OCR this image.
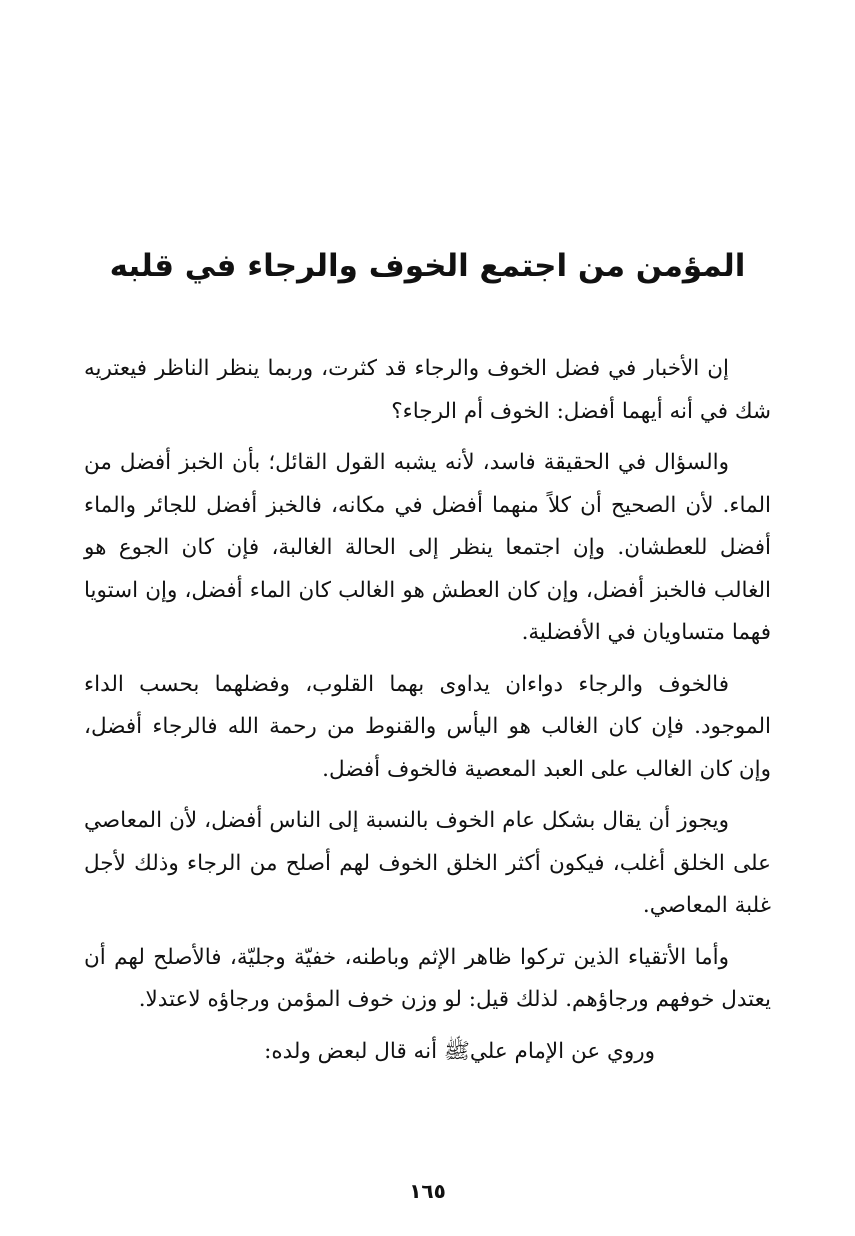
المؤمن من اجتمع الخوف والرجاء في قلبه

إن الأخبار في فضل الخوف والرجاء قد كثرت، وربما ينظر الناظر فيعتريه شك في أنه أيهما أفضل: الخوف أم الرجاء؟

والسؤال في الحقيقة فاسد، لأنه يشبه القول القائل؛ بأن الخبز أفضل من الماء. لأن الصحيح أن كلاً منهما أفضل في مكانه، فالخبز أفضل للجائر والماء أفضل للعطشان. وإن اجتمعا ينظر إلى الحالة الغالبة، فإن كان الجوع هو الغالب فالخبز أفضل، وإن كان العطش هو الغالب كان الماء أفضل، وإن استويا فهما متساويان في الأفضلية.

فالخوف والرجاء دواءان يداوى بهما القلوب، وفضلهما بحسب الداء الموجود. فإن كان الغالب هو اليأس والقنوط من رحمة الله فالرجاء أفضل، وإن كان الغالب على العبد المعصية فالخوف أفضل.

ويجوز أن يقال بشكل عام الخوف بالنسبة إلى الناس أفضل، لأن المعاصي على الخلق أغلب، فيكون أكثر الخلق الخوف لهم أصلح من الرجاء وذلك لأجل غلبة المعاصي.

وأما الأتقياء الذين تركوا ظاهر الإثم وباطنه، خفيّة وجليّة، فالأصلح لهم أن يعتدل خوفهم ورجاؤهم. لذلك قيل: لو وزن خوف المؤمن ورجاؤه لاعتدلا.

وروي عن الإمام عليﷺ أنه قال لبعض ولده:

١٦٥
